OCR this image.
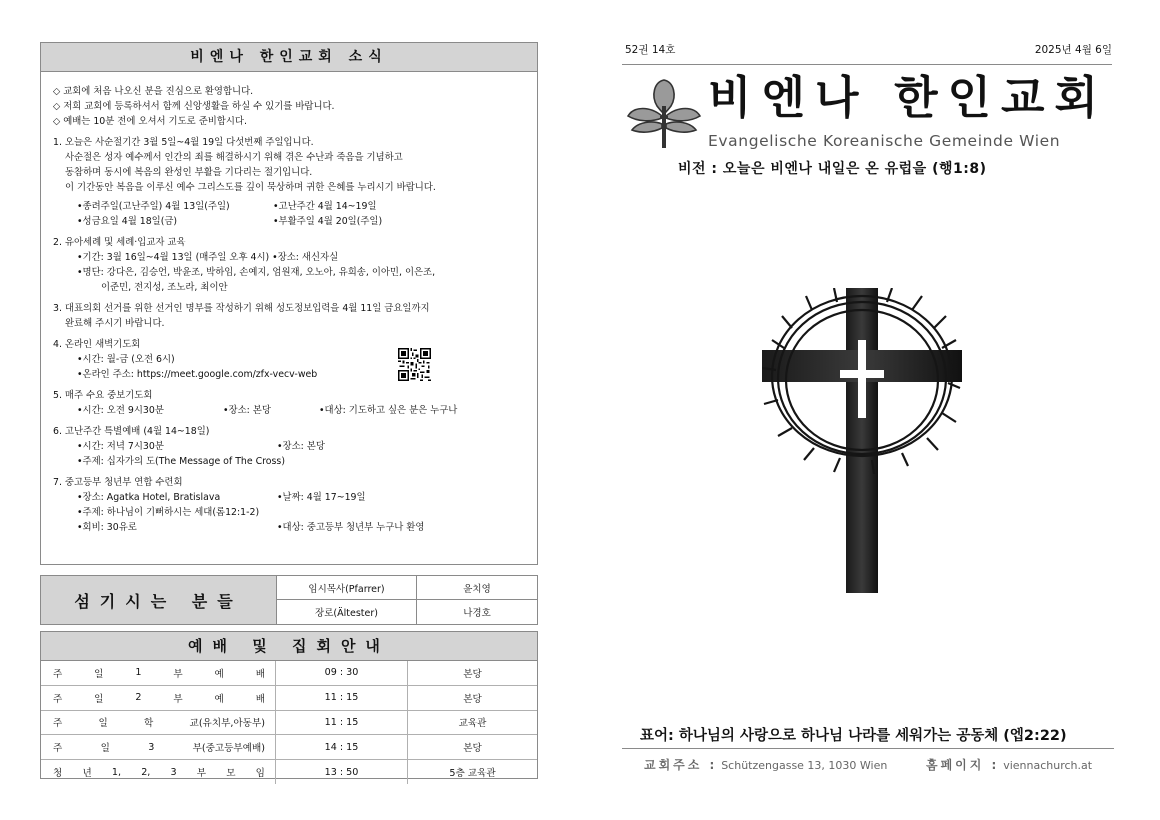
비엔나 한인교회 소식

◇ 교회에 처음 나오신 분을 진심으로 환영합니다.

◇ 저희 교회에 등록하셔서 함께 신앙생활을 하실 수 있기를 바랍니다.

◇ 예배는 10분 전에 오셔서 기도로 준비합시다.

1. 오늘은 사순절기간 3월 5일~4월 19일 다섯번째 주일입니다.

사순절은 성자 예수께서 인간의 죄를 해결하시기 위해 겪은 수난과 죽음을 기념하고

동참하며 동시에 복음의 완성인 부활을 기다리는 절기입니다.

이 기간동안 복음을 이루신 예수 그리스도를 깊이 묵상하며 귀한 은혜를 누리시기 바랍니다.

•종려주일(고난주일) 4월 13일(주일)	•고난주간 4월 14~19일

•성금요일 4월 18일(금)	•부활주일 4월 20일(주일)

2. 유아세례 및 세례·입교자 교육

•기간: 3월 16일~4월 13일 (매주일 오후 4시) •장소: 새신자실

•명단: 강다은, 김승언, 박윤조, 박하임, 손예지, 엄원재, 오노아, 유희송, 이아민, 이은조,

이준민, 전지성, 조노라, 최이안

3. 대표의회 선거를 위한 선거인 명부를 작성하기 위해 성도정보입력을 4월 11일 금요일까지

완료해 주시기 바랍니다.

4. 온라인 새벽기도회

•시간: 월-금 (오전 6시)

•온라인 주소: https://meet.google.com/zfx-vecv-web

5. 매주 수요 중보기도회

•시간: 오전 9시30분	•장소: 본당	•대상: 기도하고 싶은 분은 누구나

6. 고난주간 특별예배 (4월 14~18일)

•시간: 저녁 7시30분	•장소: 본당

•주제: 십자가의 도(The Message of The Cross)

7. 중고등부 청년부 연합 수련회

•장소: Agatka Hotel, Bratislava	•날짜: 4월 17~19일

•주제: 하나님이 기뻐하시는 세대(롬12:1-2)

•회비: 30유로	•대상: 중고등부 청년부 누구나 환영

섬기시는 분들
임시목사(Pfarrer)	윤치영
장로(Ältester)	나경호
예배 및 집회안내
주	일	1	부	예	배	09 : 30	본당
주	일	2	부	예	배	11 : 15	본당
주	일	학	교(유치부,아동부)	11 : 15	교육관
주	일	3	부(중고등부예배)	14 : 15	본당
청 년 1, 2, 3 부 모 임	13 : 50	5층 교육관
52권 14호	2025년 4월 6일
비엔나 한인교회
Evangelische Koreanische Gemeinde Wien
비전 : 오늘은 비엔나 내일은 온 유럽을 (행1:8)
표어: 하나님의 사랑으로 하나님 나라를 세워가는 공동체 (엡2:22)
교회주소 : Schützengasse 13, 1030 Wien	홈페이지 : viennachurch.at
